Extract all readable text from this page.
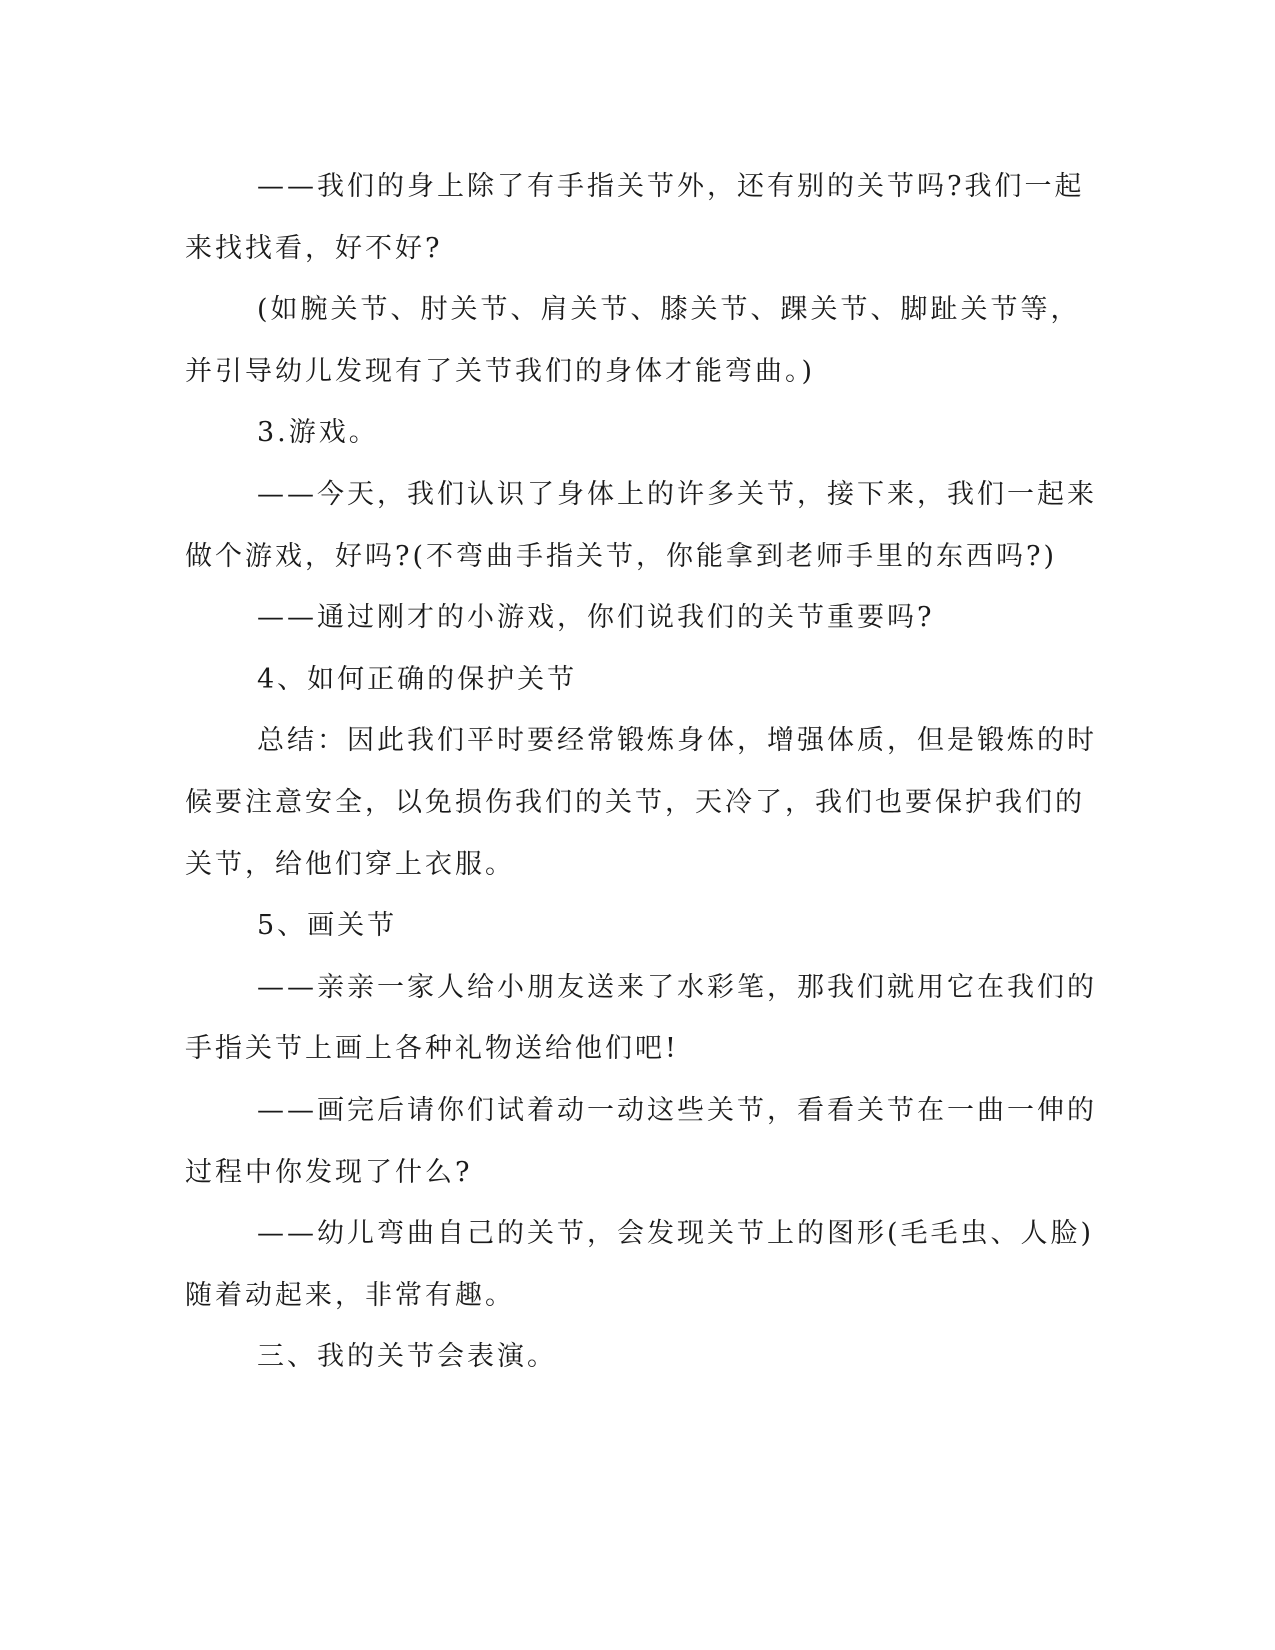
——我们的身上除了有手指关节外，还有别的关节吗?我们一起
来找找看，好不好?
(如腕关节、肘关节、肩关节、膝关节、踝关节、脚趾关节等，
并引导幼儿发现有了关节我们的身体才能弯曲。)
3.游戏。
——今天，我们认识了身体上的许多关节，接下来，我们一起来
做个游戏，好吗?(不弯曲手指关节，你能拿到老师手里的东西吗?)
——通过刚才的小游戏，你们说我们的关节重要吗?
4、如何正确的保护关节
总结：因此我们平时要经常锻炼身体，增强体质，但是锻炼的时
候要注意安全，以免损伤我们的关节，天冷了，我们也要保护我们的
关节，给他们穿上衣服。
5、画关节
——亲亲一家人给小朋友送来了水彩笔，那我们就用它在我们的
手指关节上画上各种礼物送给他们吧!
——画完后请你们试着动一动这些关节，看看关节在一曲一伸的
过程中你发现了什么?
——幼儿弯曲自己的关节，会发现关节上的图形(毛毛虫、人脸)
随着动起来，非常有趣。
三、我的关节会表演。
